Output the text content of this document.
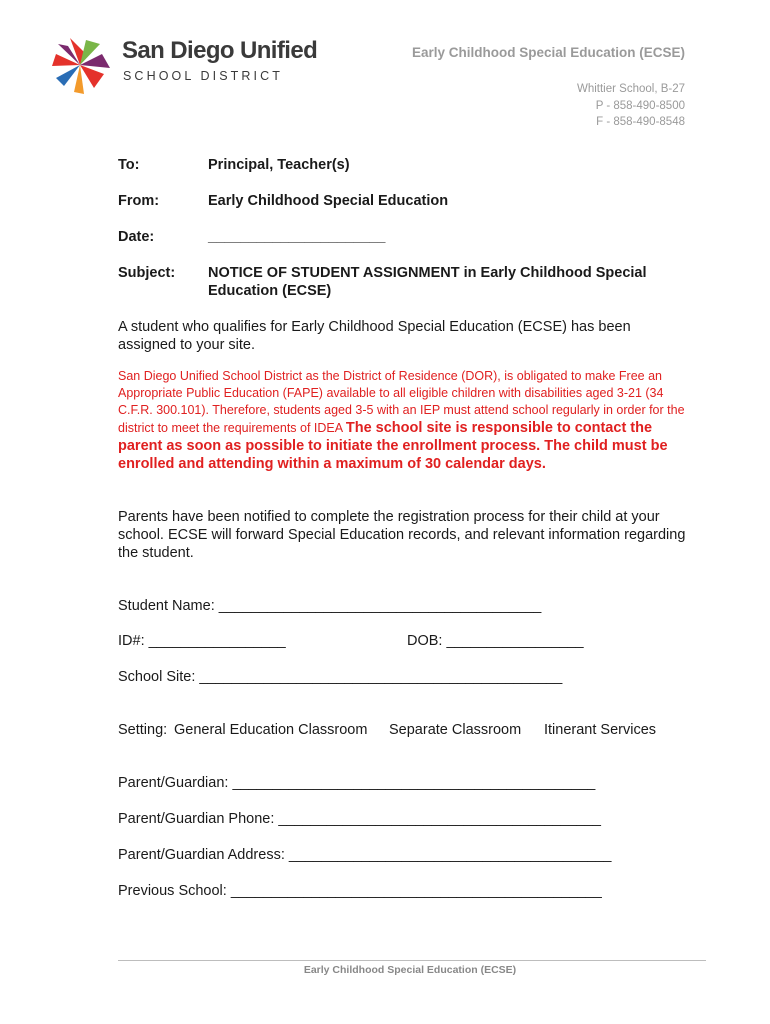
San Diego Unified
SCHOOL DISTRICT
Early Childhood Special Education (ECSE)
Whittier School, B-27
P - 858-490-8500
F - 858-490-8548
To:	Principal, Teacher(s)
From:	Early Childhood Special Education
Date:	______________________
Subject: NOTICE OF STUDENT ASSIGNMENT in Early Childhood Special Education (ECSE)
A student who qualifies for Early Childhood Special Education (ECSE) has been assigned to your site.
San Diego Unified School District as the District of Residence (DOR), is obligated to make Free an Appropriate Public Education (FAPE) available to all eligible children with disabilities aged 3-21 (34 C.F.R. 300.101). Therefore, students aged 3-5 with an IEP must attend school regularly in order for the district to meet the requirements of IDEA The school site is responsible to contact the parent as soon as possible to initiate the enrollment process. The child must be enrolled and attending within a maximum of 30 calendar days.
Parents have been notified to complete the registration process for their child at your school. ECSE will forward Special Education records, and relevant information regarding the student.
Student Name: ________________________________________
ID#: _________________	DOB: _________________
School Site: _____________________________________________
Setting: General Education Classroom Separate Classroom Itinerant Services
Parent/Guardian: _____________________________________________
Parent/Guardian Phone: ________________________________________
Parent/Guardian Address: ________________________________________
Previous School: ______________________________________________
Early Childhood Special Education (ECSE)
